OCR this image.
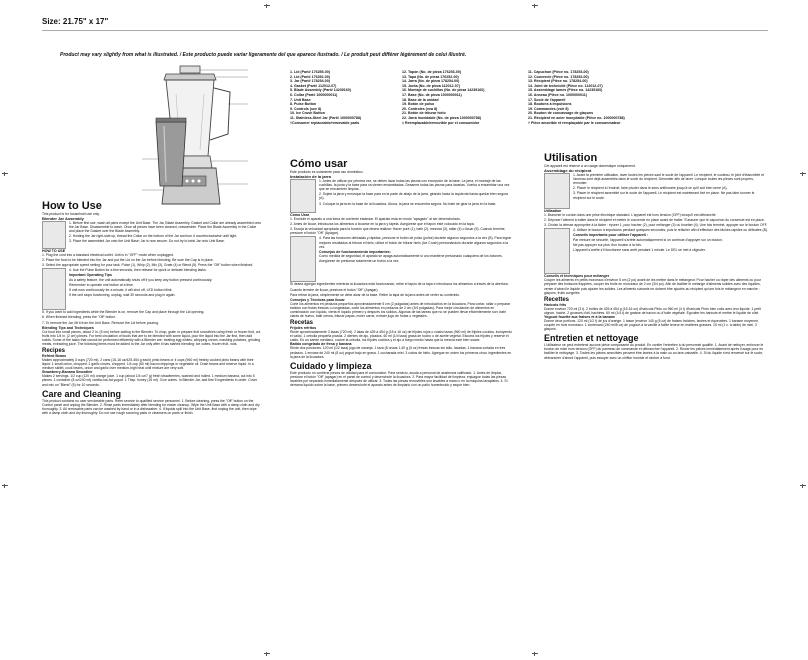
Size: 21.75" x 17"
Product may vary slightly from what is illustrated. / Este producto puede variar ligeramente del que aparece ilustrado. / Le produit peut différer légèrement de celui illustré.
1. Lid (Part# 176255-00)
2. Lid (Part# 176252-00)
3. Jar (Part# 178254-00)
4. Gasket (Part# 112012-07)
5. Blade Assembly (Part# 14239160)
6. Collar (Part# 1000000011)
7. Unit Base
8. Pulse Button
9. Controls (see 8)
10. Ice Crush Button
11. Stainless-Steel Jar (Part# 1000000788)
†Consumer replaceable/removable parts
12. Tapón (No. de pieza 176253-00)
13. Tapa (No. de pieza 176252-00)
14. Jarra (No. de pieza 178254-00)
15. Junta (No. de pieza 112012-07)
16. Montaje de cuchillas (No. de pieza 14239160)
17. Base (No. de pieza 1000000011)
18. Base de la unidad
19. Botón de pulso
20. Controles (vea 8)
21. Botón de triturar hielo
22. Jarra inoxidable (No. de pieza 1000000788)
‡ Reemplazable/removible por el consumidor
11. Capuchon (Pièce no. 178253-00)
12. Couvercle (Pièce no. 178252-00)
13. Récipient (Pièce no. 178254-00)
14. Joint de technicité (Pièce no. 112012-07)
15. Assemblage lames (Pièce no. 14239160)
16. Anneau (Pièce no. 1000000011)
17. Socle de l'appareil
18. Boutons à impulsions
19. Commandes (voir 8)
20. Bouton de concassage de glaçons
21. Récipient en acier inoxydable (Pièce no. 1000000788)
† Pièce amovible et remplaçable par le consommateur
How to Use
This product is for household use only.
Blender Jar Assembly

1. Before first use, wash all parts except the Unit Base. The Jar, Blade Assembly, Gasket and Collar are already assembled onto the Jar Base. Disassemble to wash. Once all pieces have been cleaned, reassemble. Place the Blade Assembly in the Collar and place the Gasket over the Blade Assembly.

2. Holding the Jar right-side up, thread the Collar on the bottom of the Jar and turn it counterclockwise until tight.

3. Place the assembled Jar onto the Unit Base; Jar is now secure. Do not try to twist Jar onto Unit Base.

HOW TO USE

1. Plug the cord into a standard electrical outlet. Unit is in "OFF" mode when unplugged.

2. Place the food to be blended into the Jar and put the Lid on the Jar before blending. Be sure the Cap is in place.

3. Select the appropriate speed setting for your task. Pulse (1), Whip (2), Mix (3), Grate (4) or Blend (5). Press the "Off" button when finished.

4. Use the Pulse Button for a few seconds, then release for quick or delicate blending tasks.

Important Operating Tips

As a safety feature, the unit automatically shuts off if you keep any button pressed continuously.

Remember to operate one button at a time.

If unit runs continuously for a minute, it will shut off. LED button blink.

If the unit stops functioning, unplug, wait 30 seconds and plug in again.

5. If you want to add ingredients while the Blender is on, remove the Cap and place through the Lid opening.

6. When finished blending, press the "Off" button.

7. To remove the Jar, lift it from the Unit Base. Remove the Lid before pouring.

Blending Tips and Techniques
Cut food into small pieces, about 2 in. (5 cm) before adding to the Blender. To chop, grate or prepare fruit smoothies using fresh or frozen fruit, cut fruits into 1/4 in. (2 cm) pieces. For best circulation of foods that are to be blended with some liquid, pour the liquid into the Jar first, then add solids. Some of the tasks that cannot be performed efficiently with a Blender are: beating egg whites, whipping cream, mashing potatoes, grinding meats, extracting juice. The following items must be added to the Jar only after it has started blending: ice cubes, frozen fruit, nuts.
Recipes
Refried Beans
Makes approximately 3 cups (720 ml). 2 cans (15-16 oz/425-454 g each) pinto beans or 4 cups (960 ml) freshly cooked pinto beans with their liquid. 1 small onion, chopped. 2 garlic cloves, chopped. 1/4 cup (60 ml) bacon drippings or vegetable oil. Drain beans and reserve liquid. In a medium skillet, cook beans, onion and garlic over medium-high heat until mixture are very soft.
Strawberry-Banana Smoothie
Makes 2 servings. 1/2 cup (120 ml) orange juice. 1 cup (about 1/4 oz/7 g) fresh strawberries, washed and hulled. 1 medium banana, cut into 5 pieces. 1 container (8 oz/240 ml) vanilla low-fat yogurt. 1 Tbsp. honey (15 ml). 3 ice cubes. In Blender Jar, add first 5 ingredients in order. Cover and mix on "Blend" (5) for 10 seconds.
Care and Cleaning
This product contains no user serviceable parts. Refer service to qualified service personnel. 1. Before cleaning, press the "Off" button on the Control panel and unplug the Blender. 2. Rinse parts immediately after blending for easier cleanup. Wipe the Unit Base with a damp cloth and dry thoroughly. 3. All removable parts can be washed by hand or in a dishwasher. 4. If liquids spill into the Unit Base, first unplug the unit, then wipe with a damp cloth and dry thoroughly. Do not use rough scouring pads or cleansers on parts or finish.
Cómo usar
Este producto es solamente para uso doméstico.
Instalación de la jarra

1. Antes de utilizar por primera vez, se deben lavar todas las piezas con excepción de la base. La jarra, el montaje de las cuchillas, la junta y la base para va vienen ensambladas. Desarme todas las piezas para lavarlas. Vuelva a ensamblar una vez que se encuentren limpias.

2. Sujete la jarra y enrosque la base para en la parte de abajo de la jarra, girando hacia la izquierda hasta quedar bien segura (A).

3. Coloque la jarra en la base de la licuadora. Ahora, la jarra se encuentra segura. No trate de girar la jarra en la base.

Cómo Usar

1. Enchufe el aparato a una toma de corriente estándar. El aparato esta en modo "apagado" al ser desenchufado.

2. Antes de licuar, introduzca los alimentos a licuarse en la jarra y tápela. Asegúrese que el tapón esté colocado en la tapa.

3. Escoja la velocidad apropiada para la función que desea realizar: Hacer puré (1), batir (2), mezclar (3), rallar (4) o licuar (5). Cuando termine, presione el botón "Off" (Apagar).

4. Para las funciones delicadas y rápidas, presione el botón de pulso (pulse) durante algunos segundos a la vez (B). Para lograr mejores resultados al triturar el hielo, utilice el botón de triturar hielo (Ice Crush) presionándolo durante algunos segundos a la vez.

Consejos de funcionamiento importantes:

Como medida de seguridad, el aparato se apaga automáticamente si uno mantiene presionado cualquiera de los botones.

Asegúrese de presionar solamente un botón a la vez.

Si desea agregar ingredientes mientras la licuadora está funcionando, retire el tapón de la tapa e introduzca los alimentos a través de la abertura.

Cuando termine de licuar, presione el botón "Off" (Apagar).

Para retirar la jarra, simplemente se debe alzar de la base. Retire la tapa de la jarra antes de verter su contenido.

Consejos y Técnicas para licuar
Corte los alimentos en pedazos pequeños aproximadamente 5 cm (2 pulgadas) antes de introducirlos en la licuadora. Para cortar, rallar o preparar batidos con frutas frescas o congeladas, corte los alimentos en pedazos de 2 cm (3/4 pulgadas). Para mejor circulación de alimentos en combinación con líquido, vierta el líquido primero y después los sólidos. Algunas de las tareas que no se pueden llevar eficientemente son: batir claras de huevo, batir crema, triturar papas, moler carne, extraer jugo de frutas o vegetales.
Recetas
Frijoles refritos
Rinde aproximadamente 3 tazas (720 ml). 2 latas de 425 a 454 g (15 a 16 oz) de frijoles rojos o cuatro tazas (960 ml) de frijoles cocidos, incluyendo el caldo. 1 cebolla pequeña picada. 2 dientes de ajo, picados. 60 ml (1/4 taza) grasa de tocino o de aceite vegetal. Escurra los frijoles y reserve el caldo. En un sartén mediano, cocine la cebolla, los frijoles cocidos y el ajo a fuego medio hasta que la mezcla esté bien suave.
Batido congelado de fresa y banana
Rinde dos porciones. 120 ml (1/2 taza) jugo de naranja. 1 taza (8 onzas 1,40 g (5 oz) fresas frescas sin tallo, lavadas. 1 banana cortada en tres pedazos. 1 envase de 240 ml (8 oz) yogurt bajo en grasa. 1 cucharada miel. 3 cubos de hielo. Agregue en orden los primeros cinco ingredientes en la jarra de la licuadora.
Cuidado y limpieza
Este producto no contiene piezas de utilidad para el consumidor. Para servicio, acuda a personal de asistencia calificado. 1. Antes de limpiar, presione el botón "Off" (apagar) en el panel de control y desenchufe la licuadora. 2. Para mayor facilidad de limpieza, enjuague todas las piezas lavables por separado inmediatamente después de utilizar. 3. Todas las piezas removibles son lavables a mano o en la máquina lavaplatos. 4. Si derrama líquido sobre la base, primero desenchufe el aparato antes de limpiarlo con un paño humedecido y seque bien.
Utilisation
Cet appareil est réservé à un usage domestique uniquement.
Assemblage du récipient

1. Avant la première utilisation, laver toutes les pièces sauf le socle de l'appareil. Le récipient, le couteau, le joint d'étanchéité et l'anneau sont déjà assemblés dans le socle du récipient. Démonter afin de laver. Lorsque toutes les pièces sont propres, remonter.

2. Placer le récipient à l'endroit, faire pivoter dans le sens antihoraire jusqu'à ce qu'il soit bien serré (A).

3. Placer le récipient assemblé sur le socle de l'appareil. Le récipient est maintenant fixé en place. Ne pas faire tourner le récipient sur le socle.

Utilisation

1. Brancher le cordon dans une prise électrique standard. L'appareil est hors tension (OFF) lorsqu'il est débranché.

2. Déposer l'aliment à traiter dans le récipient et mettre le couvercle en place avant de traiter. S'assurer que le capuchon du couvercle est en place.

3. Choisir la vitesse appropriée à la tâche : épurer 1, pour hacher (2), pour mélanger (3) ou fouetter (4). Une fois terminé, appuyer sur le bouton OFF.

4. Utiliser le bouton à impulsions pendant quelques secondes, puis le relâcher afin d'effectuer des tâches rapides ou délicates (B).

Conseils importants pour utiliser l'appareil :

Par mesure de sécurité, l'appareil s'arrête automatiquement si on continue d'appuyer sur un bouton.

Ne pas appuyer sur plus d'un bouton à la fois.

L'appareil s'arrête s'il fonctionne sans arrêt pendant 1 minute. Le DEL se met à clignoter.

Conseils et techniques pour mélanger
Couper les aliments en petits morceaux d'environ 5 cm (2 po) avant de les mettre dans le mélangeur. Pour hacher ou râper des aliments ou pour préparer des boissons frappées, couper les fruits en morceaux de 2 cm (3/4 po). Afin de faciliter le mélange d'aliments solides avec des liquides, verser d'abord le liquide puis ajouter les solides. Les aliments suivants ne doivent être ajoutés au récipient qu'une fois le mélangeur en marche : glaçons, fruits congelés.
Recettes
Haricots frits
Donne environ 720 ml (3 t). 2 boîtes de 425 à 454 g (15-16 oz) d'haricots Pinto ou 960 ml (4 t) d'haricots Pinto bien cuits avec leur liquide. 1 petit oignon, haché. 2 gousses d'ail, hachées. 60 ml (1/4 t) de graisse de bacon ou d'huile végétale. Égoutter les haricots et mettre le liquide de côté.
Yogourt fouetté aux fraises et à la banane
Donne deux portions. 120 ml (1/2 t) de jus d'orange. 1 tasse (environ 140 g (5 oz) de fraises fraîches, lavées et équeutées. 1 banane moyenne, coupée en trois morceaux. 1 contenant (240 ml/8 oz) de yogourt à la vanille à faible teneur en matières grasses. 15 ml (1 c. à table) de miel. 3 glaçons.
Entretien et nettoyage
L'utilisateur ne peut entretenir aucune pièce composante du produit. En confier l'entretien à du personnel qualifié. 1. Avant de nettoyer, enfoncer le bouton de mise hors tension (OFF) du panneau de commande et débrancher l'appareil. 2. Rincer les pièces immédiatement après l'usage pour en faciliter le nettoyage. 3. Toutes les pièces amovibles peuvent être lavées à la main ou au lave-vaisselle. 4. Si du liquide s'est renversé sur le socle, débrancher d'abord l'appareil, puis essuyer avec un chiffon humide et sécher à fond.
